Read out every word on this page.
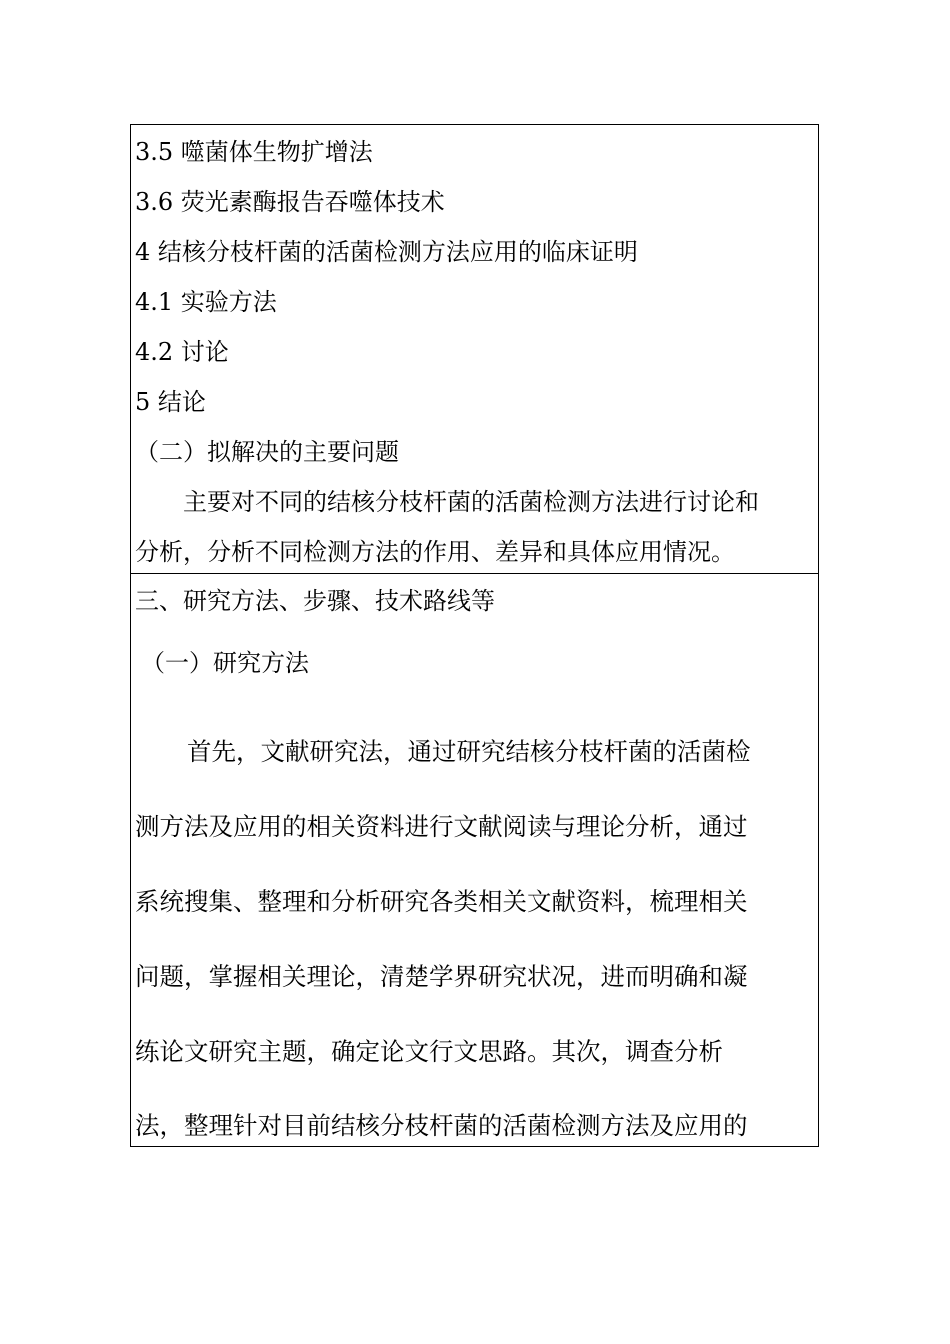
3.5 噬菌体生物扩增法
3.6 荧光素酶报告吞噬体技术
4 结核分枝杆菌的活菌检测方法应用的临床证明
4.1 实验方法
4.2 讨论
5 结论
（二）拟解决的主要问题
主要对不同的结核分枝杆菌的活菌检测方法进行讨论和
分析，分析不同检测方法的作用、差异和具体应用情况。
三、研究方法、步骤、技术路线等
（一）研究方法
首先，文献研究法，通过研究结核分枝杆菌的活菌检
测方法及应用的相关资料进行文献阅读与理论分析，通过
系统搜集、整理和分析研究各类相关文献资料，梳理相关
问题，掌握相关理论，清楚学界研究状况，进而明确和凝
练论文研究主题，确定论文行文思路。其次，调查分析
法，整理针对目前结核分枝杆菌的活菌检测方法及应用的
